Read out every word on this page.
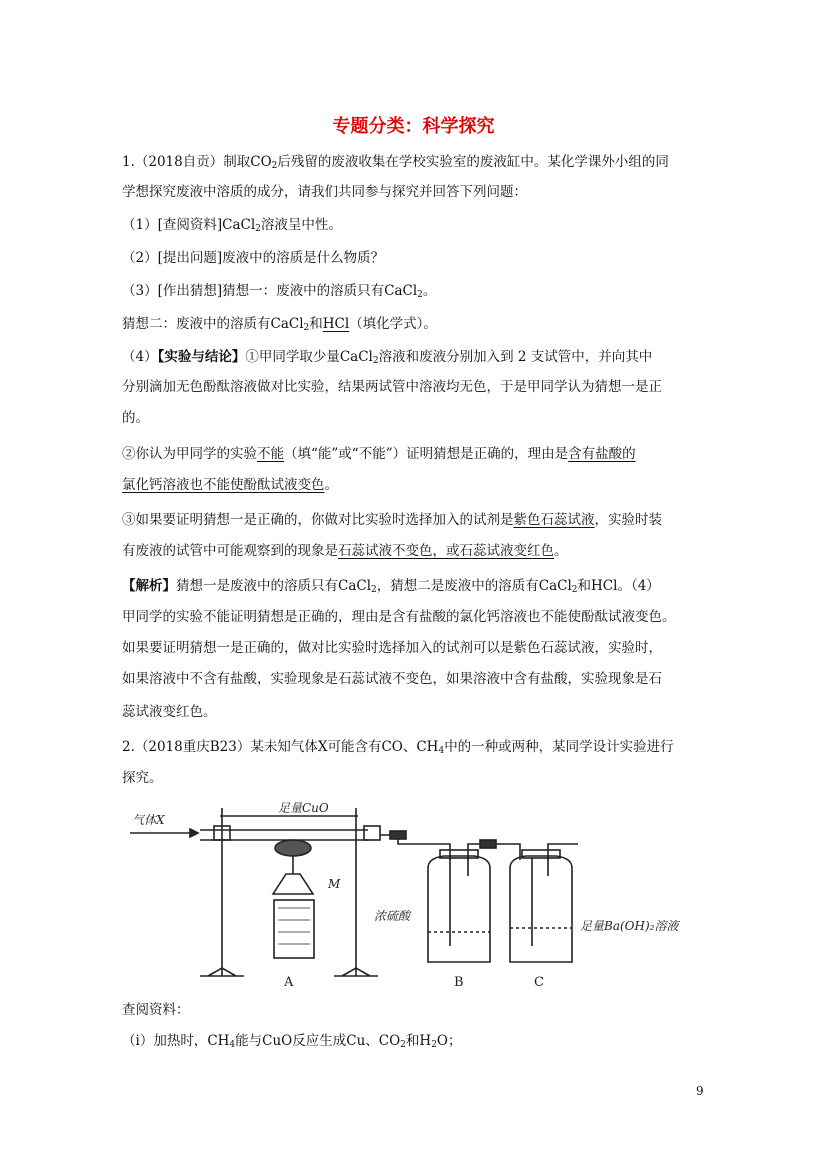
专题分类：科学探究
1.（2018自贡）制取$CO_2$后残留的废液收集在学校实验室的废液缸中。某化学课外小组的同
学想探究废液中溶质的成分，请我们共同参与探究并回答下列问题：
（1）[查阅资料]CaCl$_2$溶液呈中性。
（2）[提出问题]废液中的溶质是什么物质？
（3）[作出猜想]猜想一：废液中的溶质只有CaCl$_2$。
猜想二：废液中的溶质有CaCl$_2$和HCl（填化学式）。
（4）【实验与结论】①甲同学取少量CaCl$_2$溶液和废液分别加入到 2 支试管中，并向其中
分别滴加无色酚酞溶液做对比实验，结果两试管中溶液均无色，于是甲同学认为猜想一是正
的。
②你认为甲同学的实验不能（填“能”或“不能”）证明猜想是正确的，理由是含有盐酸的
氯化钙溶液也不能使酚酞试液变色。
③如果要证明猜想一是正确的，你做对比实验时选择加入的试剂是紫色石蕊试液，实验时装
有废液的试管中可能观察到的现象是石蕊试液不变色，或石蕊试液变红色。
【解析】猜想一是废液中的溶质只有CaCl$_2$，猜想二是废液中的溶质有CaCl$_2$和HCl。（4）
甲同学的实验不能证明猜想是正确的，理由是含有盐酸的氯化钙溶液也不能使酚酞试液变色。
如果要证明猜想一是正确的，做对比实验时选择加入的试剂可以是紫色石蕊试液，实验时，
如果溶液中不含有盐酸，实验现象是石蕊试液不变色，如果溶液中含有盐酸，实验现象是石
蕊试液变红色。
2.（2018重庆B23）某未知气体X可能含有CO、$CH_4$中的一种或两种，某同学设计实验进行
探究。
气体X
足量CuO
M
浓硫酸
足量Ba(OH)₂溶液
A	B	C
查阅资料：
（ⅰ）加热时，$CH_4$能与CuO反应生成Cu、$CO_2$和$H_2O$；
9
